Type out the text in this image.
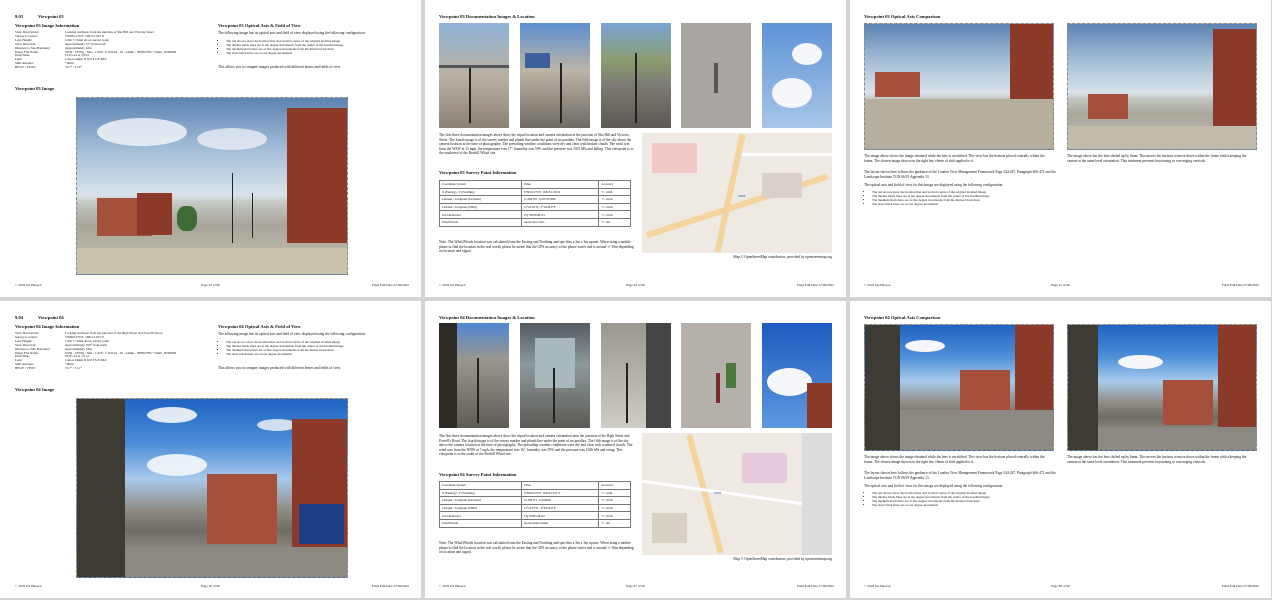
9.03	Viewpoint 03
Viewpoint 03 Image Information
View Description:	Looking northeast from the junction of Sho Hill and Victoria Street
Survey Location:	576032.170 E, 168131.195 N
Lens Height:	1.6m +/-5mm above survey point
View Direction:	Approximately 57° from north
Distance to Site Boundary:	Approximately 42m
Image File Name:	SWR - VP03g - Shtr - 1/200 - f/10.0/22 - IS - 24mm - 5808x3785 +.6mm_NZ00966
Date/Time:	15-05-22 at 15:04
Lens:	Canon 24mm II f2.8 TS-E Mk3
Shift Amount:	+6mm
HFOV / VFOV:	72.7° / 51.6°
Viewpoint 03 Optical Axis & Field of View
The following image has its optical axis and field of view displayed using the following configuration:
• The red arrows show the horizon line and vertical centre of the original levelled image
• The thicker black lines are at ten degree increments from the centre of the levelled image
• The medium black lines are at five degree increments from the thicker black lines
• The short black lines are at one degree increments
This allows you to compare images produced with different lenses and fields of view.
Viewpoint 03 Image
© 2022 Ian Heeson	Page 23 of 90	Final Edit Date 27/06/2022
Viewpoint 03 Documentation Images & Location
The first three documentation images above show the tripod location and camera orientation at the junction of Sho Hill and Victoria Street. The fourth image is of the survey marker and plumb line under the point of no parallax. The fifth image is of the sky above the camera location at the time of photography. The prevailing weather conditions were dry and clear with broken clouds. The wind was from the WSW at 13 mph, the temperature was 17°, humidity was 59% and the pressure was 1021 hPa and falling. This viewpoint is to the southwest of the Bexhill Wharf site.
Viewpoint 03 Survey Point Information
Coordinate System	Value	Accuracy
X (Easting) , Y (Northing)	576032.170 E, 168131.195 N	+/- 1mm
Latitude / Longitude (Decimal)	51.382376 , 0.507357089	+/- 10cm
Latitude / Longitude (DMS)	51°22'56"N , 0°30'26.0"E	+/- 10cm
Grid Reference	TQ 76030 68131	+/- 10cm
What3Words	south.view.waits	+/- 3m
Note: The What3Words location was calculated from the Easting and Northing and specifies a 3m x 3m square. When using a mobile phone to find the location in the real world, please be aware that the GPS accuracy of the phone varies and is around +/-10m depending on location and signal.
VP03
Map © OpenStreetMap contributors, provided by openstreetmap.org
© 2022 Ian Heeson	Page 24 of 90	Final Edit Date 27/06/2022
Viewpoint 03 Optical Axis Comparison
The image above shows the image obtained while the lens is un-shifted. This view has the horizon placed centrally within the frame. The chosen image shown on the right has +6mm of shift applied to it.
The image above has the lens shifted up by 6mm. This moves the horizon to move down within the frame whilst keeping the camera at the same level orientation. This treatment prevents keystoning or converging verticals.
The layout shown here follows the guidance of the London View Management Framework Page 244-247, Paragraph 466-472 and the Landscape Institute TGN 06/19 Appendix 13.
The optical axis and field of view for this image are displayed using the following configuration:
• The red arrows show the horizon line and vertical centre of the original levelled image
• The thicker black lines are at ten degree increments from the centre of the levelled image
• The medium black lines are at five degree increments from the thicker black lines
• The short black lines are at one degree increments
© 2022 Ian Heeson	Page 25 of 90	Final Edit Date 27/06/2022
9.04	Viewpoint 04
Viewpoint 04 Image Information
View Description:	Looking northeast from the junction of the High Street and Powell's Road
Survey Location:	576003.270 E, 168112.255 N
Lens Height:	1.6m +/-5mm above survey point
View Direction:	Approximately 350° from north
Distance to Site Boundary:	Approximately 53m
Image File Name:	SWR - VP04g - Shtr - 1/250 - f/10.0/22 - IS - 24mm - 5808x3785 +.6mm_NZ00966
Date/Time:	05-05-22 at 15:14
Lens:	Canon 24mm II f2.8 TS-E Mk3
Shift Amount:	+6mm
HFOV / VFOV:	72.7° / 51.1°
Viewpoint 04 Optical Axis & Field of View
The following image has its optical axis and field of view displayed using the following configuration:
• The red arrows show the horizon line and vertical centre of the original levelled image
• The thicker black lines are at ten degree increments from the centre of the levelled image
• The medium black lines are at five degree increments from the thicker black lines
• The short black lines are at one degree increments
This allows you to compare images produced with different lenses and fields of view.
Viewpoint 04 Image
© 2022 Ian Heeson	Page 26 of 90	Final Edit Date 27/06/2022
Viewpoint 04 Documentation Images & Location
The first three documentation images above show the tripod location and camera orientation near the junction of the High Street and Powell's Road. The fourth image is of the survey marker and plumb line under the point of no parallax. The fifth image is of the sky above the camera location at the time of photography. The prevailing weather conditions were dry and clear with scattered clouds. The wind was from the NNW at 7 mph, the temperature was 16°, humidity was 59% and the pressure was 1026 hPa and rising. This viewpoint is to the south of the Bexhill Wharf site.
Viewpoint 04 Survey Point Information
Coordinate System	Value	Accuracy
X (Easting) , Y (Northing)	576003.270 E, 168112.255 N	+/- 1mm
Latitude / Longitude (Decimal)	51.382173 , 0.506936	+/- 10cm
Latitude / Longitude (DMS)	51°22'55"N , 0°30'24.9"E	+/- 10cm
Grid Reference	TQ 76003 68112	+/- 10cm
What3Words	bronze.shine.drums	+/- 3m
Note: The What3Words location was calculated from the Easting and Northing and specifies a 3m x 3m square. When using a mobile phone to find the location in the real world, please be aware that the GPS accuracy of the phone varies and is around +/-10m depending on location and signal.
VP04
Map © OpenStreetMap contributors, provided by openstreetmap.org
© 2022 Ian Heeson	Page 27 of 90	Final Edit Date 27/06/2022
Viewpoint 04 Optical Axis Comparison
The image above shows the image obtained while the lens is un-shifted. This view has the horizon placed centrally within the frame. The chosen image shown on the right has +6mm of shift applied to it.
The image above has the lens shifted up by 6mm. This moves the horizon to move down within the frame whilst keeping the camera at the same level orientation. This treatment prevents keystoning or converging verticals.
The layout shown here follows the guidance of the London View Management Framework Page 244-247, Paragraph 466-472 and the Landscape Institute TGN 06/19 Appendix 13.
The optical axis and field of view for this image are displayed using the following configuration:
• The red arrows show the horizon line and vertical centre of the original levelled image
• The thicker black lines are at ten degree increments from the centre of the levelled image
• The medium black lines are at five degree increments from the thicker black lines
• The short black lines are at one degree increments
© 2022 Ian Heeson	Page 28 of 90	Final Edit Date 27/06/2022
